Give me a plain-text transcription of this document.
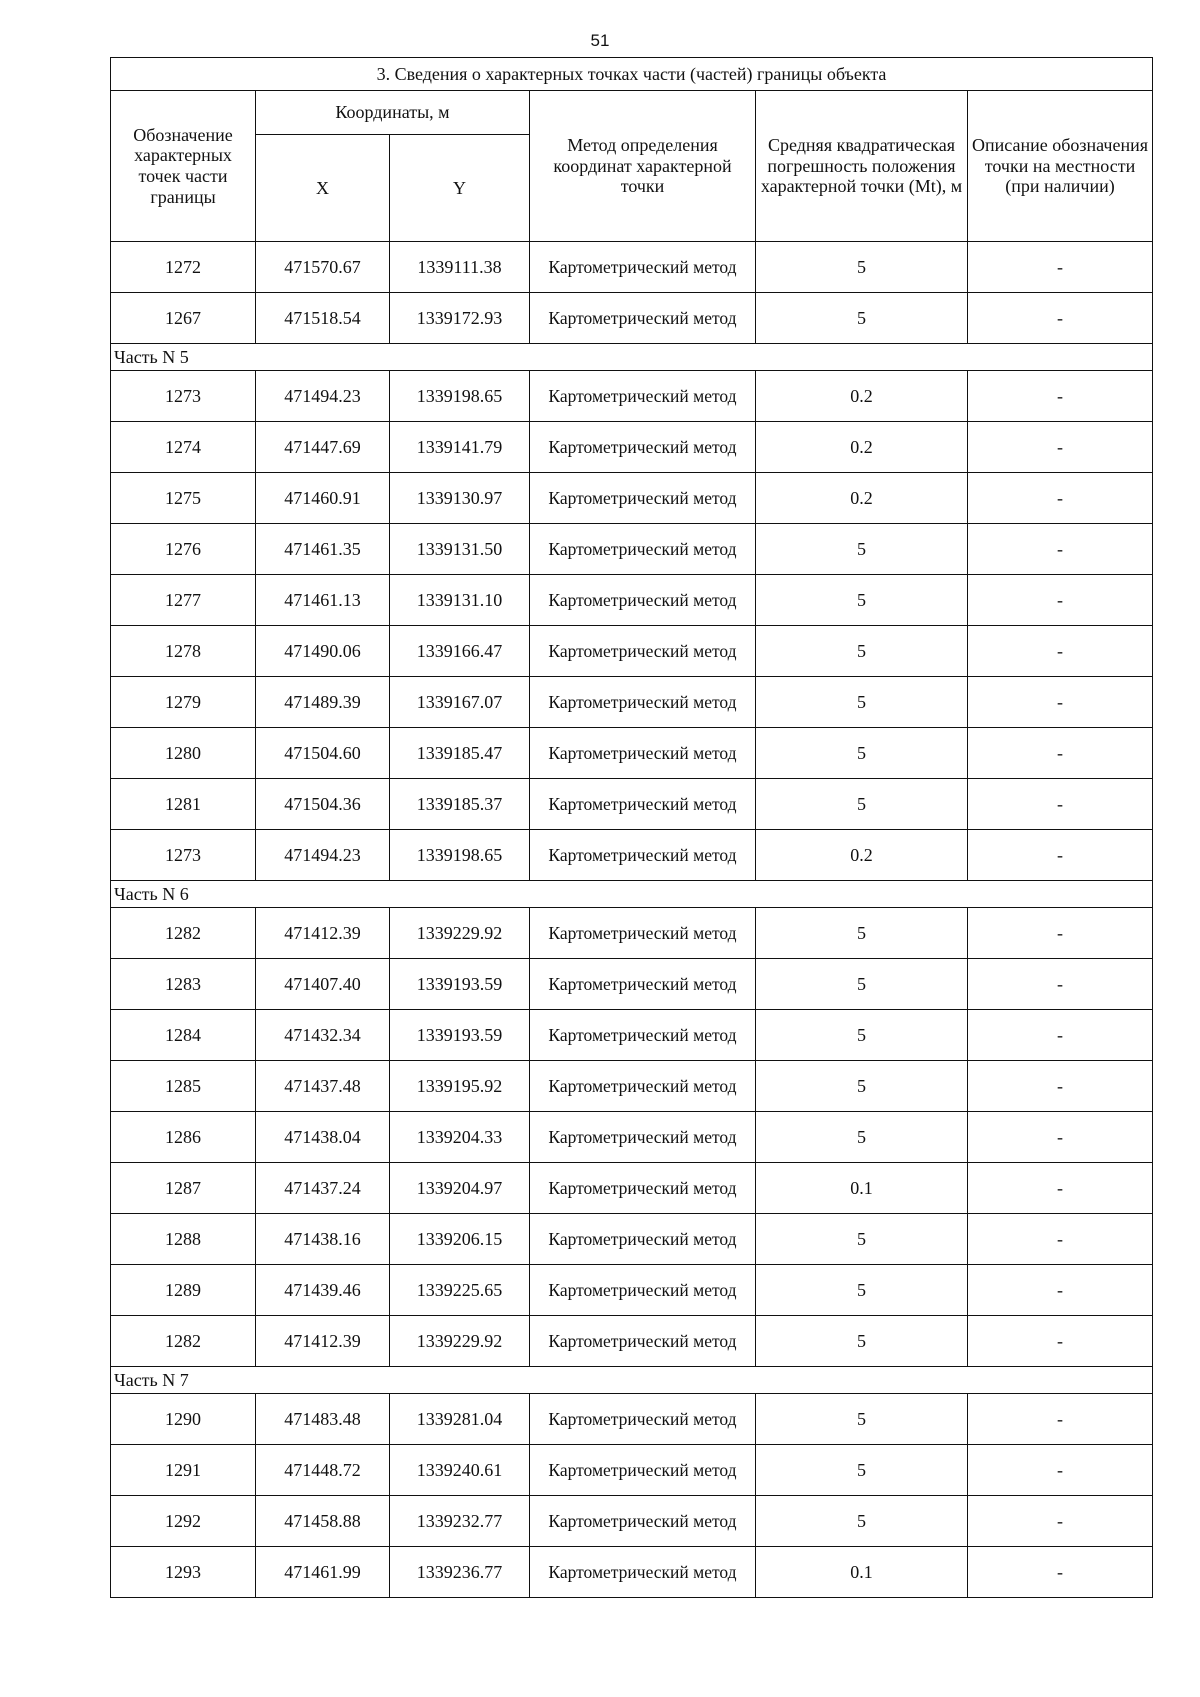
51
3. Сведения о характерных точках части (частей) границы объекта					
Обозначение характерных точек части границы	Координаты, м		Метод определения координат характерной точки	Средняя квадратическая погрешность положения характерной точки (Mt), м	Описание обозначения точки на местности (при наличии)
	X	Y			
1272	471570.67	1339111.38	Картометрический метод	5	-
1267	471518.54	1339172.93	Картометрический метод	5	-
Часть N 5					
1273	471494.23	1339198.65	Картометрический метод	0.2	-
1274	471447.69	1339141.79	Картометрический метод	0.2	-
1275	471460.91	1339130.97	Картометрический метод	0.2	-
1276	471461.35	1339131.50	Картометрический метод	5	-
1277	471461.13	1339131.10	Картометрический метод	5	-
1278	471490.06	1339166.47	Картометрический метод	5	-
1279	471489.39	1339167.07	Картометрический метод	5	-
1280	471504.60	1339185.47	Картометрический метод	5	-
1281	471504.36	1339185.37	Картометрический метод	5	-
1273	471494.23	1339198.65	Картометрический метод	0.2	-
Часть N 6					
1282	471412.39	1339229.92	Картометрический метод	5	-
1283	471407.40	1339193.59	Картометрический метод	5	-
1284	471432.34	1339193.59	Картометрический метод	5	-
1285	471437.48	1339195.92	Картометрический метод	5	-
1286	471438.04	1339204.33	Картометрический метод	5	-
1287	471437.24	1339204.97	Картометрический метод	0.1	-
1288	471438.16	1339206.15	Картометрический метод	5	-
1289	471439.46	1339225.65	Картометрический метод	5	-
1282	471412.39	1339229.92	Картометрический метод	5	-
Часть N 7					
1290	471483.48	1339281.04	Картометрический метод	5	-
1291	471448.72	1339240.61	Картометрический метод	5	-
1292	471458.88	1339232.77	Картометрический метод	5	-
1293	471461.99	1339236.77	Картометрический метод	0.1	-
